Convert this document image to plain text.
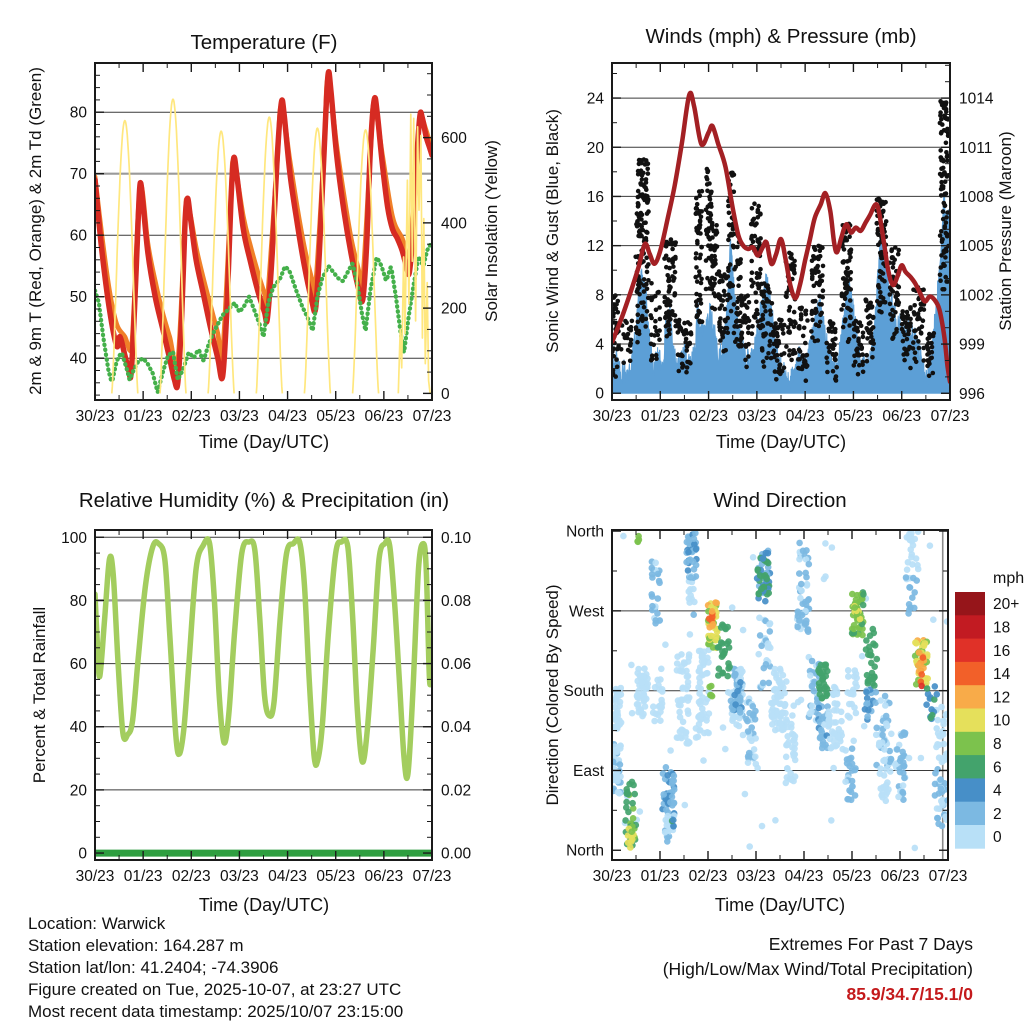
30/23 01/23 02/23 03/23 04/23 05/23 06/23 07/23
40
50
60
70
80
0
200
400
600
30/23 01/23 02/23 03/23 04/23 05/23 06/23 07/23
0
4
8
12
16
20
24
996
999
1002
1005
1008
1011
1014
30/23 01/23 02/23 03/23 04/23 05/23 06/23 07/23
0
20
40
60
80
100
0.00
0.02
0.04
0.06
0.08
0.10
30/23 01/23 02/23 03/23 04/23 05/23 06/23 07/23
North
East
South
West
North
mph
20+
18
16
14
12
10
8
6
4
2
0
Temperature (F)	Winds (mph) & Pressure (mb)
Relative Humidity (%) & Precipitation (in)	Wind Direction
2m & 9m T (Red, Orange) & 2m Td (Green)	Solar Insolation (Yellow) Sonic Wind & Gust (Blue, Black)	Station Pressure (Maroon)
Percent & Total Rainfall	Direction (Colored By Speed)
Time (Day/UTC)	Time (Day/UTC)
Time (Day/UTC)	Time (Day/UTC)
Location: Warwick
Station elevation: 164.287 m
Station lat/lon: 41.2404; -74.3906
Figure created on Tue, 2025-10-07, at 23:27 UTC
Most recent data timestamp: 2025/10/07 23:15:00
Extremes For Past 7 Days
(High/Low/Max Wind/Total Precipitation)
85.9/34.7/15.1/0
